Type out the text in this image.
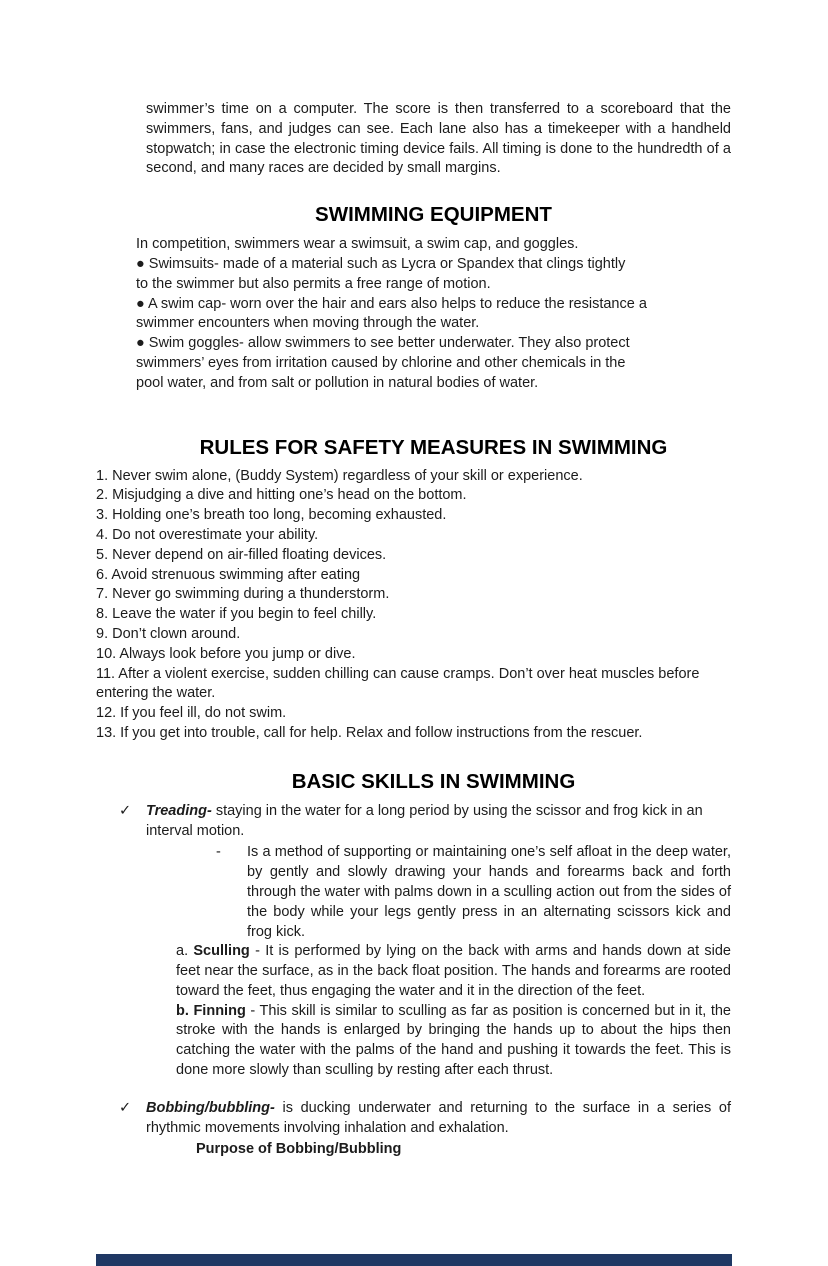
swimmer’s time on a computer. The score is then transferred to a scoreboard that the swimmers, fans, and judges can see. Each lane also has a timekeeper with a handheld stopwatch; in case the electronic timing device fails. All timing is done to the hundredth of a second, and many races are decided by small margins.

SWIMMING EQUIPMENT
In competition, swimmers wear a swimsuit, a swim cap, and goggles.
● Swimsuits- made of a material such as Lycra or Spandex that clings tightly
to the swimmer but also permits a free range of motion.
● A swim cap- worn over the hair and ears also helps to reduce the resistance a
swimmer encounters when moving through the water.
● Swim goggles- allow swimmers to see better underwater. They also protect
swimmers’ eyes from irritation caused by chlorine and other chemicals in the
pool water, and from salt or pollution in natural bodies of water.
RULES FOR SAFETY MEASURES IN SWIMMING
1. Never swim alone, (Buddy System) regardless of your skill or experience.
2. Misjudging a dive and hitting one’s head on the bottom.
3. Holding one’s breath too long, becoming exhausted.
4. Do not overestimate your ability.
5. Never depend on air-filled floating devices.
6. Avoid strenuous swimming after eating
7. Never go swimming during a thunderstorm.
8. Leave the water if you begin to feel chilly.
9. Don’t clown around.
10. Always look before you jump or dive.
11. After a violent exercise, sudden chilling can cause cramps. Don’t over heat muscles before entering the water.
12. If you feel ill, do not swim.
13. If you get into trouble, call for help. Relax and follow instructions from the rescuer.
BASIC SKILLS IN SWIMMING
✓	Treading- staying in the water for a long period by using the scissor and frog kick in an interval motion.
-	Is a method of supporting or maintaining one’s self afloat in the deep water, by gently and slowly drawing your hands and forearms back and forth through the water with palms down in a sculling action out from the sides of the body while your legs gently press in an alternating scissors kick and frog kick.

a. Sculling - It is performed by lying on the back with arms and hands down at side feet near the surface, as in the back float position. The hands and forearms are rooted toward the feet, thus engaging the water and it in the direction of the feet.

b. Finning - This skill is similar to sculling as far as position is concerned but in it, the stroke with the hands is enlarged by bringing the hands up to about the hips then catching the water with the palms of the hand and pushing it towards the feet. This is done more slowly than sculling by resting after each thrust.

✓	Bobbing/bubbling- is ducking underwater and returning to the surface in a series of rhythmic movements involving inhalation and exhalation.
Purpose of Bobbing/Bubbling
